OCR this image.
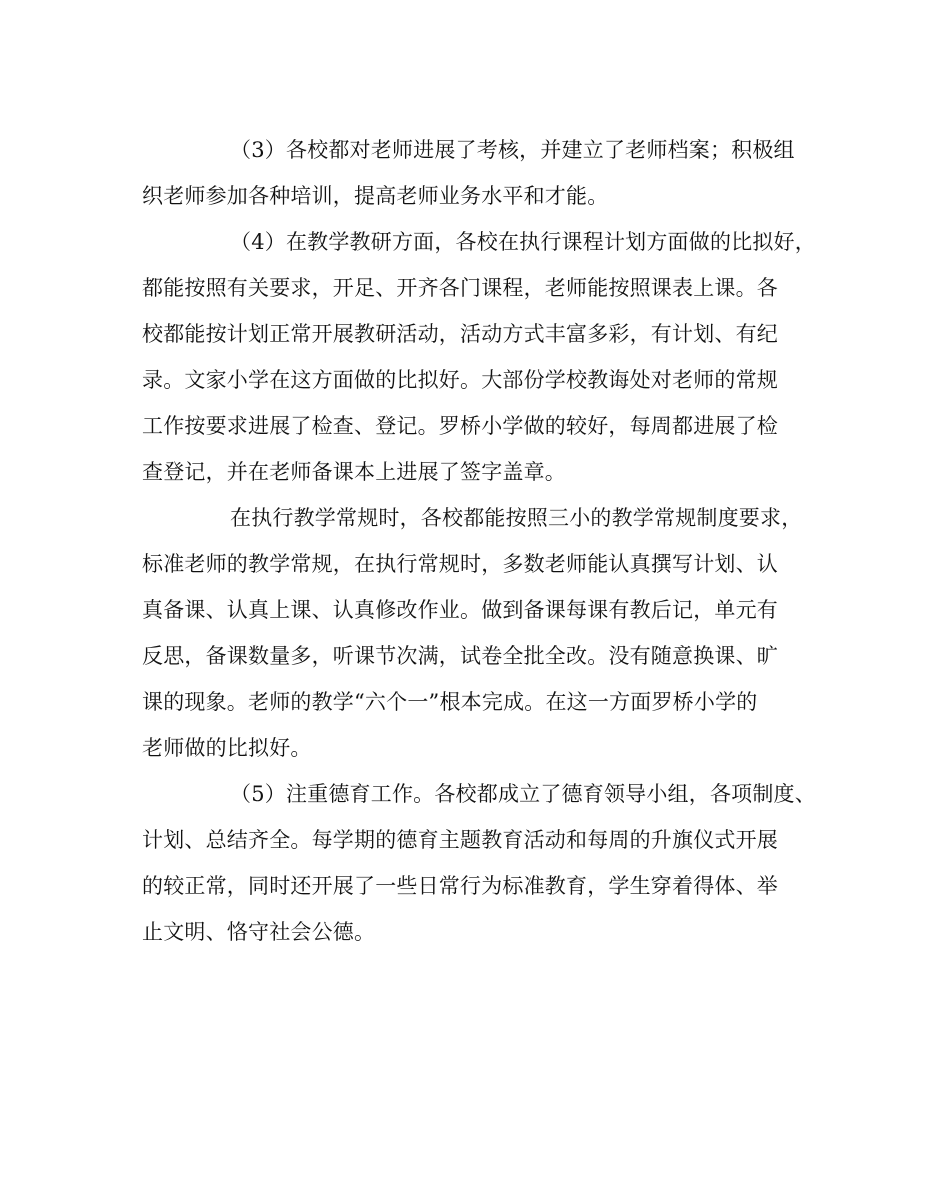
（3）各校都对老师进展了考核，并建立了老师档案；积极组
织老师参加各种培训，提高老师业务水平和才能。
（4）在教学教研方面，各校在执行课程计划方面做的比拟好，
都能按照有关要求，开足、开齐各门课程，老师能按照课表上课。各
校都能按计划正常开展教研活动，活动方式丰富多彩，有计划、有纪
录。文家小学在这方面做的比拟好。大部份学校教诲处对老师的常规
工作按要求进展了检查、登记。罗桥小学做的较好，每周都进展了检
查登记，并在老师备课本上进展了签字盖章。
在执行教学常规时，各校都能按照三小的教学常规制度要求，
标准老师的教学常规，在执行常规时，多数老师能认真撰写计划、认
真备课、认真上课、认真修改作业。做到备课每课有教后记，单元有
反思，备课数量多，听课节次满，试卷全批全改。没有随意换课、旷
课的现象。老师的教学“六个一”根本完成。在这一方面罗桥小学的
老师做的比拟好。
（5）注重德育工作。各校都成立了德育领导小组，各项制度、
计划、总结齐全。每学期的德育主题教育活动和每周的升旗仪式开展
的较正常，同时还开展了一些日常行为标准教育，学生穿着得体、举
止文明、恪守社会公德。
